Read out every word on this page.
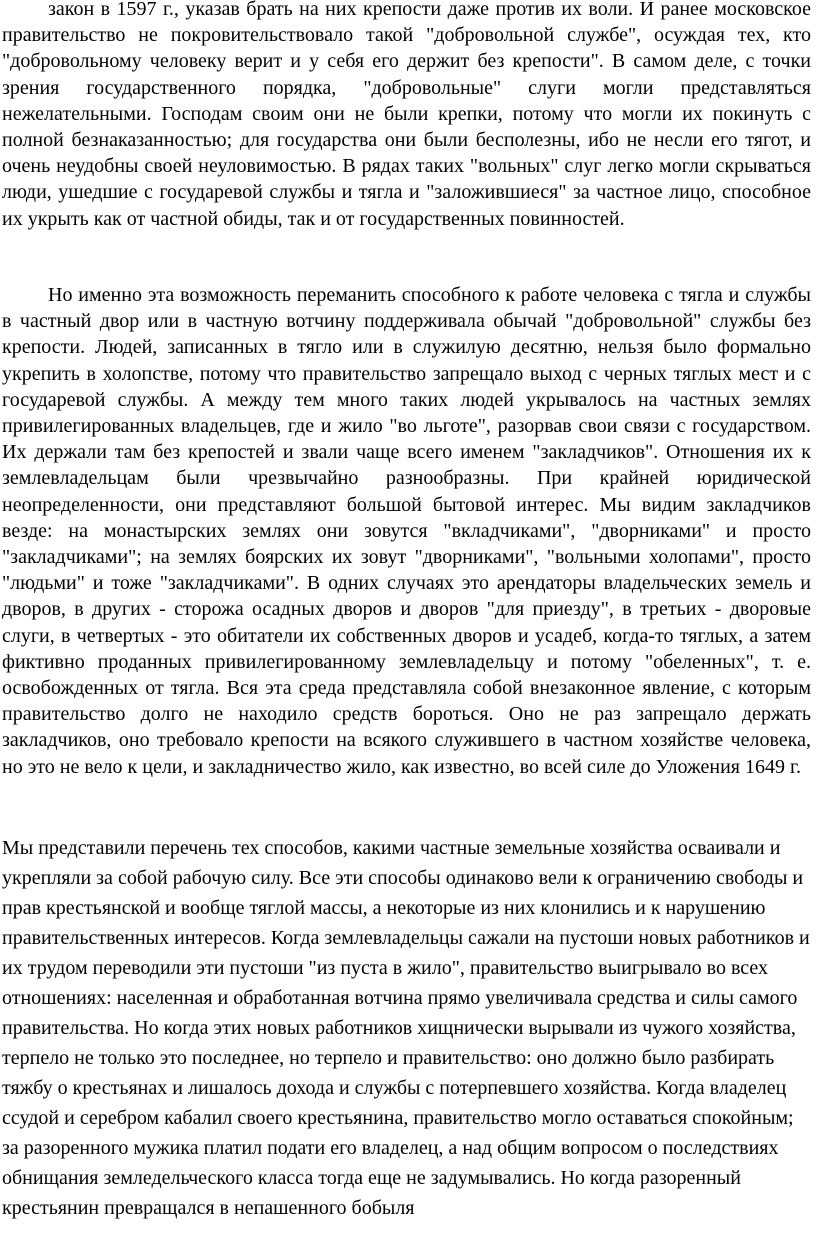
закон в 1597 г., указав брать на них крепости даже против их воли. И ранее московское правительство не покровительствовало такой "добровольной службе", осуждая тех, кто "добровольному человеку верит и у себя его держит без крепости". В самом деле, с точки зрения государственного порядка, "добровольные" слуги могли представляться нежелательными. Господам своим они не были крепки, потому что могли их покинуть с полной безнаказанностью; для государства они были бесполезны, ибо не несли его тягот, и очень неудобны своей неуловимостью. В рядах таких "вольных" слуг легко могли скрываться люди, ушедшие с государевой службы и тягла и "заложившиеся" за частное лицо, способное их укрыть как от частной обиды, так и от государственных повинностей.

Но именно эта возможность переманить способного к работе человека с тягла и службы в частный двор или в частную вотчину поддерживала обычай "добровольной" службы без крепости. Людей, записанных в тягло или в служилую десятню, нельзя было формально укрепить в холопстве, потому что правительство запрещало выход с черных тяглых мест и с государевой службы. А между тем много таких людей укрывалось на частных землях привилегированных владельцев, где и жило "во льготе", разорвав свои связи с государством. Их держали там без крепостей и звали чаще всего именем "закладчиков". Отношения их к землевладельцам были чрезвычайно разнообразны. При крайней юридической неопределенности, они представляют большой бытовой интерес. Мы видим закладчиков везде: на монастырских землях они зовутся "вкладчиками", "дворниками" и просто "закладчиками"; на землях боярских их зовут "дворниками", "вольными холопами", просто "людьми" и тоже "закладчиками". В одних случаях это арендаторы владельческих земель и дворов, в других - сторожа осадных дворов и дворов "для приезду", в третьих - дворовые слуги, в четвертых - это обитатели их собственных дворов и усадеб, когда-то тяглых, а затем фиктивно проданных привилегированному землевладельцу и потому "обеленных", т. е. освобожденных от тягла. Вся эта среда представляла собой внезаконное явление, с которым правительство долго не находило средств бороться. Оно не раз запрещало держать закладчиков, оно требовало крепости на всякого служившего в частном хозяйстве человека, но это не вело к цели, и закладничество жило, как известно, во всей силе до Уложения 1649 г.

Мы представили перечень тех способов, какими частные земельные хозяйства осваивали и укрепляли за собой рабочую силу. Все эти способы одинаково вели к ограничению свободы и прав крестьянской и вообще тяглой массы, а некоторые из них клонились и к нарушению правительственных интересов. Когда землевладельцы сажали на пустоши новых работников и их трудом переводили эти пустоши "из пуста в жило", правительство выигрывало во всех отношениях: населенная и обработанная вотчина прямо увеличивала средства и силы самого правительства. Но когда этих новых работников хищнически вырывали из чужого хозяйства, терпело не только это последнее, но терпело и правительство: оно должно было разбирать тяжбу о крестьянах и лишалось дохода и службы с потерпевшего хозяйства. Когда владелец ссудой и серебром кабалил своего крестьянина, правительство могло оставаться спокойным; за разоренного мужика платил подати его владелец, а над общим вопросом о последствиях обнищания земледельческого класса тогда еще не задумывались. Но когда разоренный крестьянин превращался в непашенного бобыля
